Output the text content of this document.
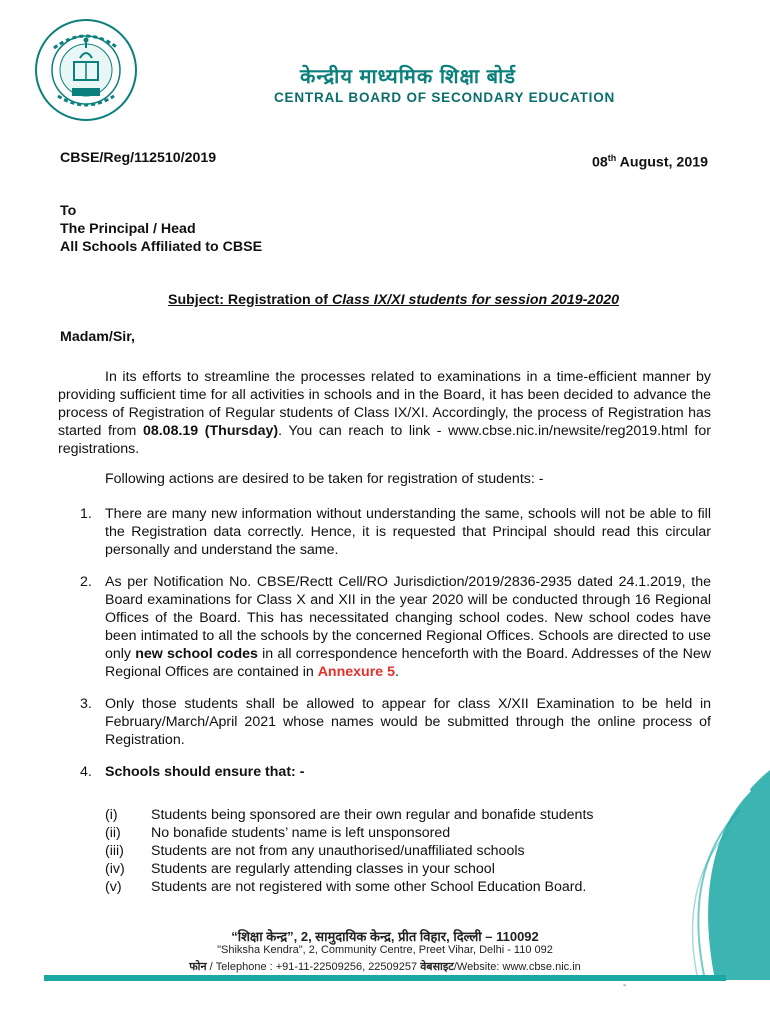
केन्द्रीय माध्यमिक शिक्षा बोर्ड
CENTRAL BOARD OF SECONDARY EDUCATION
CBSE/Reg/112510/2019	08th August, 2019
To
The Principal / Head
All Schools Affiliated to CBSE
Subject: Registration of Class IX/XI students for session 2019-2020
Madam/Sir,

In its efforts to streamline the processes related to examinations in a time-efficient manner by providing sufficient time for all activities in schools and in the Board, it has been decided to advance the process of Registration of Regular students of Class IX/XI. Accordingly, the process of Registration has started from 08.08.19 (Thursday). You can reach to link - www.cbse.nic.in/newsite/reg2019.html for registrations.

Following actions are desired to be taken for registration of students: -
1. There are many new information without understanding the same, schools will not be able to fill the Registration data correctly. Hence, it is requested that Principal should read this circular personally and understand the same.
2. As per Notification No. CBSE/Rectt Cell/RO Jurisdiction/2019/2836-2935 dated 24.1.2019, the Board examinations for Class X and XII in the year 2020 will be conducted through 16 Regional Offices of the Board. This has necessitated changing school codes. New school codes have been intimated to all the schools by the concerned Regional Offices. Schools are directed to use only new school codes in all correspondence henceforth with the Board. Addresses of the New Regional Offices are contained in Annexure 5.
3. Only those students shall be allowed to appear for class X/XII Examination to be held in February/March/April 2021 whose names would be submitted through the online process of Registration.
4. Schools should ensure that: -
(i) Students being sponsored are their own regular and bonafide students
(ii) No bonafide students’ name is left unsponsored
(iii) Students are not from any unauthorised/unaffiliated schools
(iv) Students are regularly attending classes in your school
(v) Students are not registered with some other School Education Board.
“शिक्षा केन्द्र”, 2, सामुदायिक केन्द्र, प्रीत विहार, दिल्ली – 110092
"Shiksha Kendra", 2, Community Centre, Preet Vihar, Delhi - 110 092
फोन / Telephone : +91-11-22509256, 22509257 वेबसाइट/Website: www.cbse.nic.in
-
